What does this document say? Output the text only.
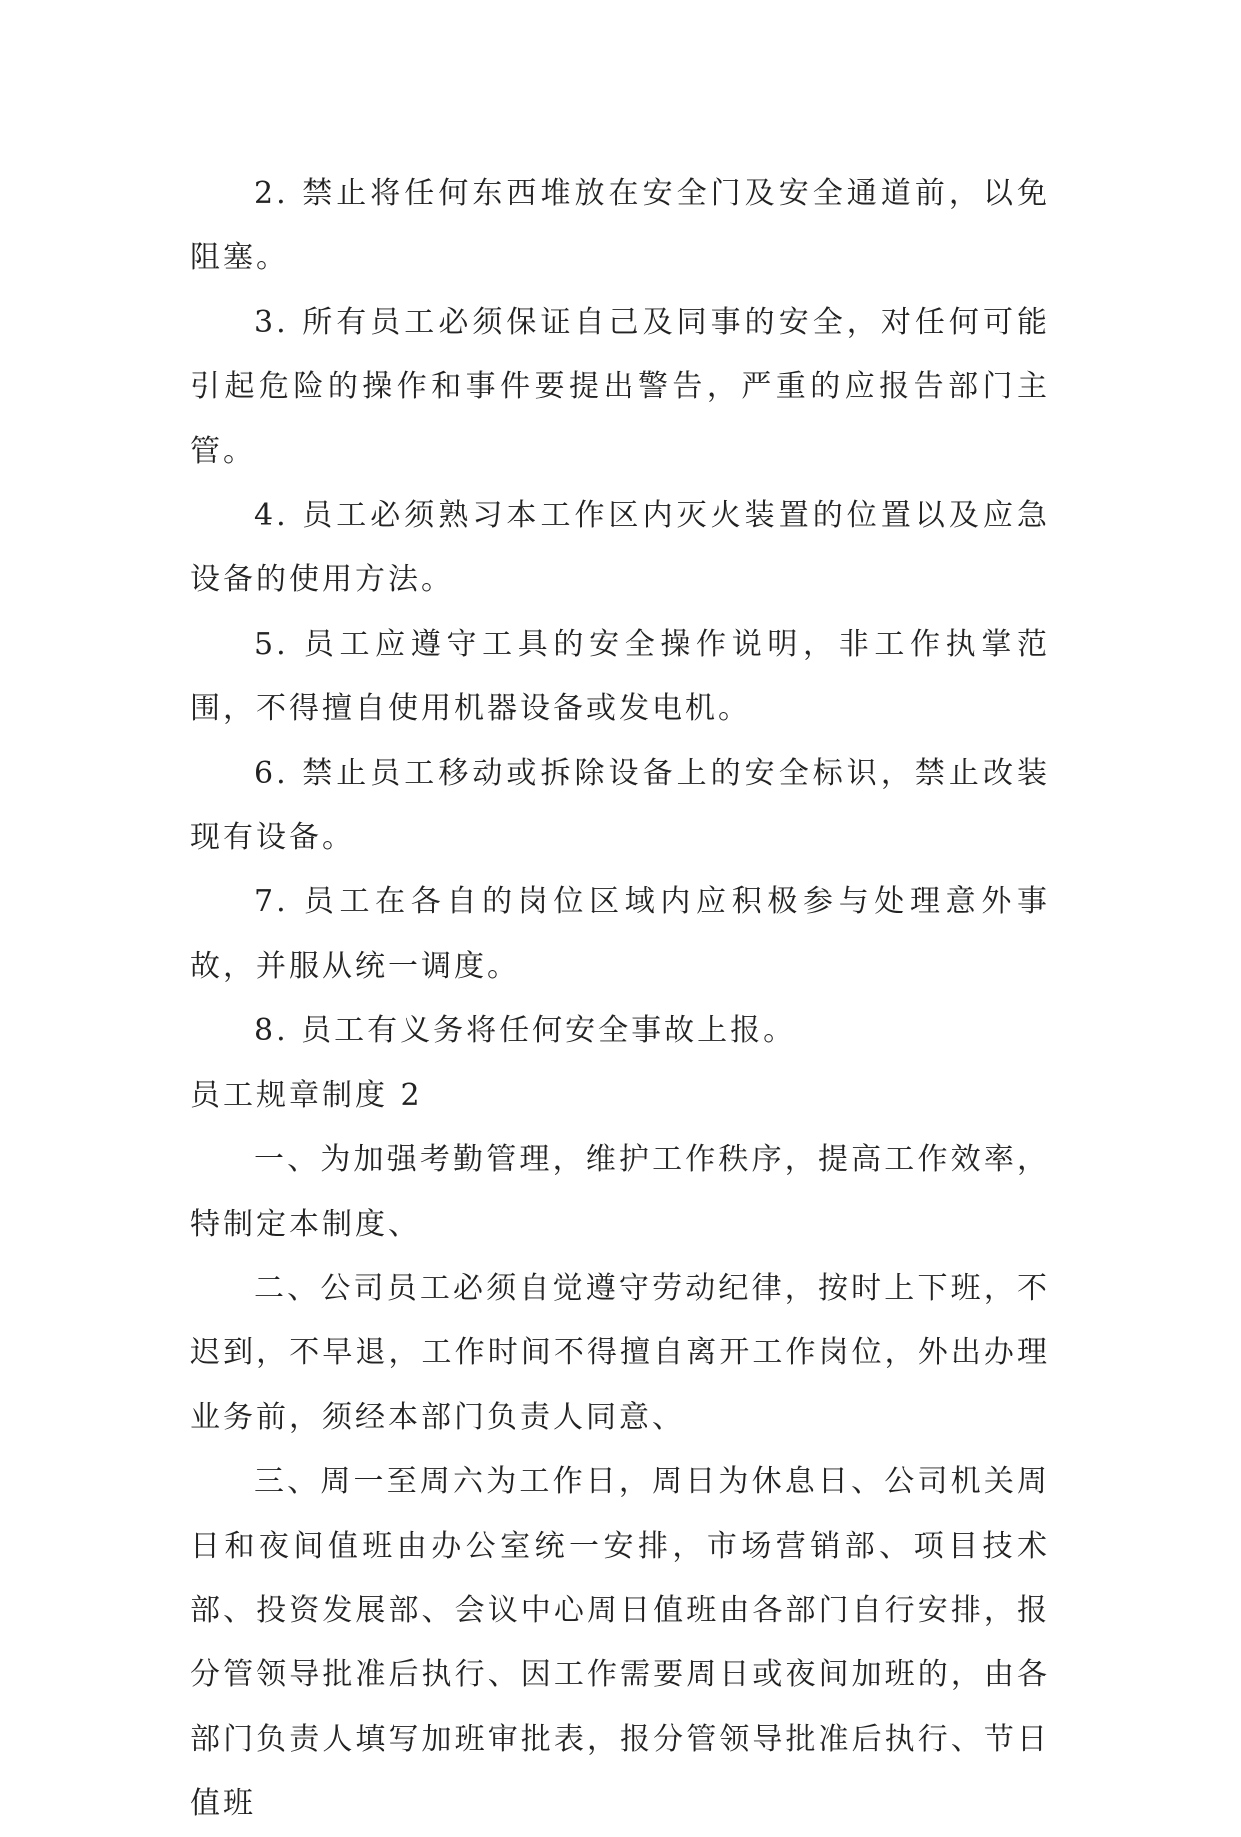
2. 禁止将任何东西堆放在安全门及安全通道前，以免阻塞。

3. 所有员工必须保证自己及同事的安全，对任何可能引起危险的操作和事件要提出警告，严重的应报告部门主管。

4. 员工必须熟习本工作区内灭火装置的位置以及应急设备的使用方法。

5. 员工应遵守工具的安全操作说明，非工作执掌范围，不得擅自使用机器设备或发电机。

6. 禁止员工移动或拆除设备上的安全标识，禁止改装现有设备。

7. 员工在各自的岗位区域内应积极参与处理意外事故，并服从统一调度。

8. 员工有义务将任何安全事故上报。

员工规章制度 2

一、为加强考勤管理，维护工作秩序，提高工作效率，特制定本制度、

二、公司员工必须自觉遵守劳动纪律，按时上下班，不迟到，不早退，工作时间不得擅自离开工作岗位，外出办理业务前，须经本部门负责人同意、

三、周一至周六为工作日，周日为休息日、公司机关周日和夜间值班由办公室统一安排，市场营销部、项目技术部、投资发展部、会议中心周日值班由各部门自行安排，报分管领导批准后执行、因工作需要周日或夜间加班的，由各部门负责人填写加班审批表，报分管领导批准后执行、节日值班
